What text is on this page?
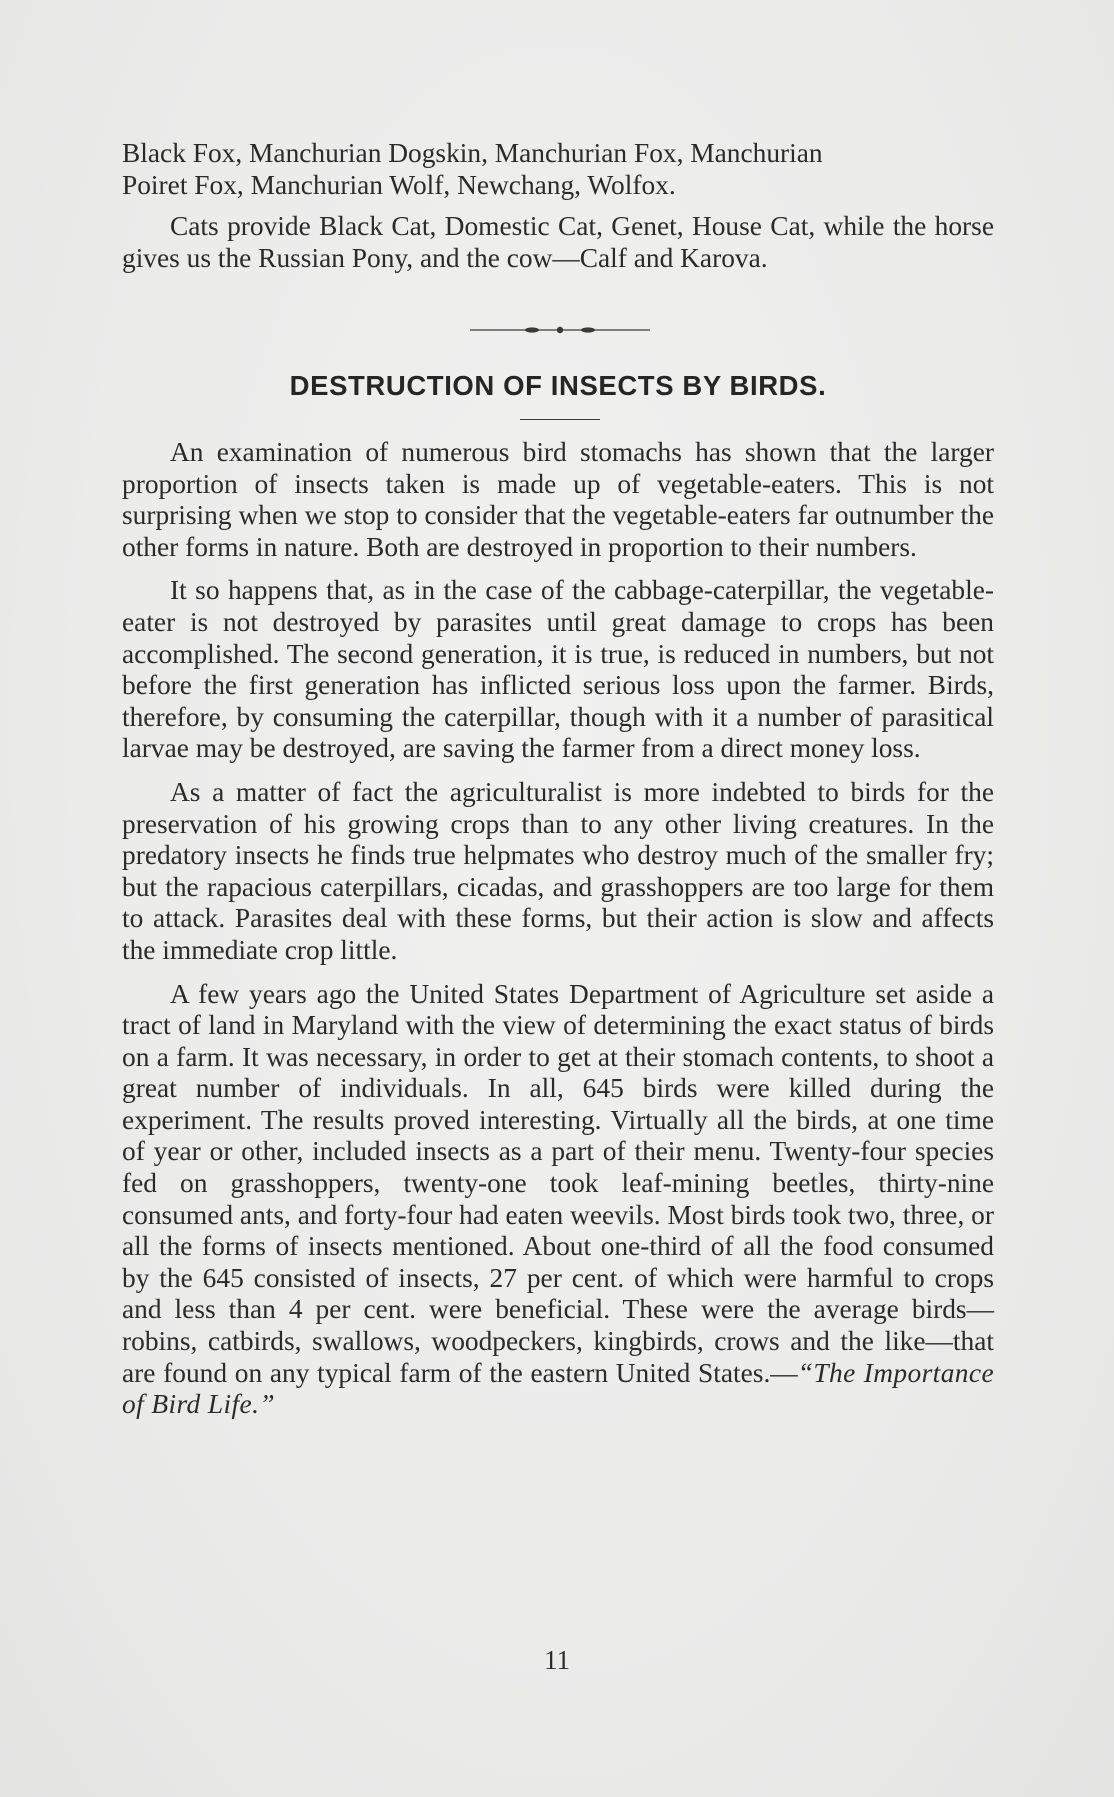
Black Fox, Manchurian Dogskin, Manchurian Fox, Manchurian
Poiret Fox, Manchurian Wolf, Newchang, Wolfox.

Cats provide Black Cat, Domestic Cat, Genet, House Cat, while the horse gives us the Russian Pony, and the cow—Calf and Karova.

DESTRUCTION OF INSECTS BY BIRDS.

An examination of numerous bird stomachs has shown that the larger proportion of insects taken is made up of vegetable-eaters. This is not surprising when we stop to consider that the vegetable-eaters far outnumber the other forms in nature. Both are destroyed in proportion to their numbers.

It so happens that, as in the case of the cabbage-caterpillar, the vegetable-eater is not destroyed by parasites until great damage to crops has been accomplished. The second generation, it is true, is reduced in numbers, but not before the first generation has inflicted serious loss upon the farmer. Birds, therefore, by consuming the caterpillar, though with it a number of parasitical larvae may be destroyed, are saving the farmer from a direct money loss.

As a matter of fact the agriculturalist is more indebted to birds for the preservation of his growing crops than to any other living creatures. In the predatory insects he finds true helpmates who destroy much of the smaller fry; but the rapacious caterpillars, cicadas, and grasshoppers are too large for them to attack. Parasites deal with these forms, but their action is slow and affects the immediate crop little.

A few years ago the United States Department of Agriculture set aside a tract of land in Maryland with the view of determining the exact status of birds on a farm. It was necessary, in order to get at their stomach contents, to shoot a great number of individuals. In all, 645 birds were killed during the experiment. The results proved interesting. Virtually all the birds, at one time of year or other, included insects as a part of their menu. Twenty-four species fed on grasshoppers, twenty-one took leaf-mining beetles, thirty-nine consumed ants, and forty-four had eaten weevils. Most birds took two, three, or all the forms of insects mentioned. About one-third of all the food consumed by the 645 consisted of insects, 27 per cent. of which were harmful to crops and less than 4 per cent. were beneficial. These were the average birds—robins, catbirds, swallows, woodpeckers, kingbirds, crows and the like—that are found on any typical farm of the eastern United States.—“The Importance of Bird Life.”

11
